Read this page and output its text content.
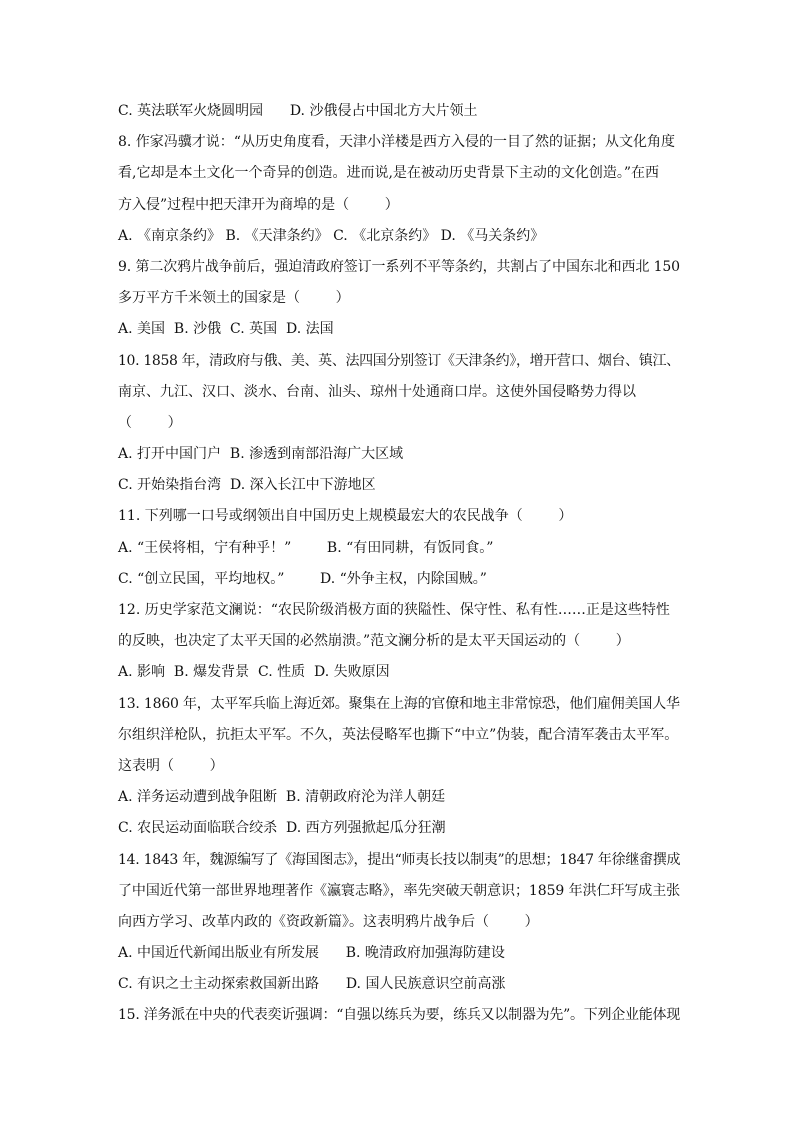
C. 英法联军火烧圆明园      D. 沙俄侵占中国北方大片领土
8. 作家冯骥才说：“从历史角度看，天津小洋楼是西方入侵的一目了然的证据；从文化角度
看,它却是本土文化一个奇异的创造。进而说,是在被动历史背景下主动的文化创造。”在西
方入侵”过程中把天津开为商埠的是（        ）
A. 《南京条约》 B. 《天津条约》 C. 《北京条约》 D. 《马关条约》
9. 第二次鸦片战争前后，强迫清政府签订一系列不平等条约，共割占了中国东北和西北 150
多万平方千米领土的国家是（        ）
A. 美国  B. 沙俄  C. 英国  D. 法国
10. 1858 年，清政府与俄、美、英、法四国分别签订《天津条约》，增开营口、烟台、镇江、
南京、九江、汉口、淡水、台南、汕头、琼州十处通商口岸。这使外国侵略势力得以
（        ）
A. 打开中国门户  B. 渗透到南部沿海广大区域
C. 开始染指台湾  D. 深入长江中下游地区
11. 下列哪一口号或纲领出自中国历史上规模最宏大的农民战争（        ）
A. “王侯将相，宁有种乎！”        B. “有田同耕，有饭同食。”
C. “创立民国，平均地权。”        D. “外争主权，内除国贼。”
12. 历史学家范文澜说：“农民阶级消极方面的狭隘性、保守性、私有性……正是这些特性
的反映，也决定了太平天国的必然崩溃。”范文澜分析的是太平天国运动的（        ）
A. 影响  B. 爆发背景  C. 性质  D. 失败原因
13. 1860 年，太平军兵临上海近郊。聚集在上海的官僚和地主非常惊恐，他们雇佣美国人华
尔组织洋枪队，抗拒太平军。不久，英法侵略军也撕下“中立”伪装，配合清军袭击太平军。
这表明（        ）
A. 洋务运动遭到战争阻断  B. 清朝政府沦为洋人朝廷
C. 农民运动面临联合绞杀  D. 西方列强掀起瓜分狂潮
14. 1843 年，魏源编写了《海国图志》，提出“师夷长技以制夷”的思想；1847 年徐继畬撰成
了中国近代第一部世界地理著作《瀛寰志略》，率先突破天朝意识；1859 年洪仁玕写成主张
向西方学习、改革内政的《资政新篇》。这表明鸦片战争后（        ）
A. 中国近代新闻出版业有所发展      B. 晚清政府加强海防建设
C. 有识之士主动探索救国新出路      D. 国人民族意识空前高涨
15. 洋务派在中央的代表奕䜣强调：“自强以练兵为要，练兵又以制器为先”。下列企业能体现
